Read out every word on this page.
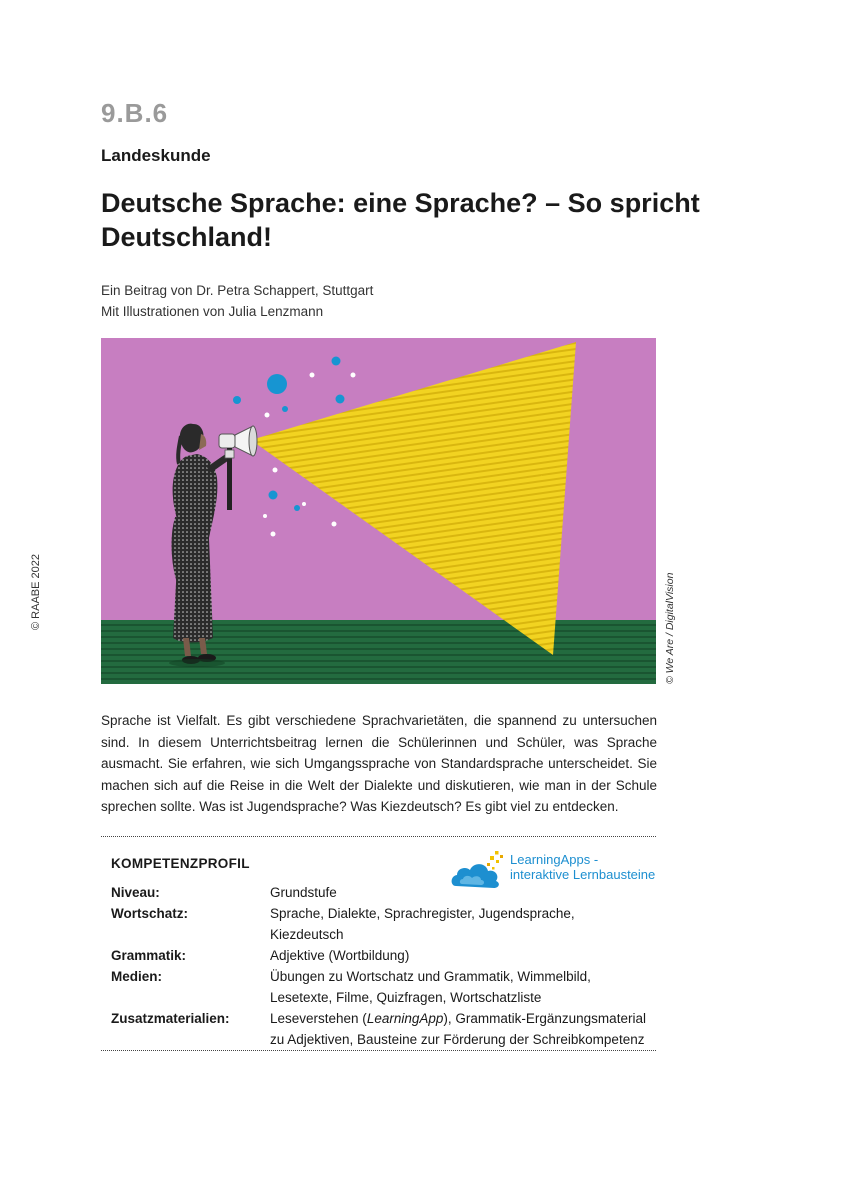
9.B.6
Landeskunde
Deutsche Sprache: eine Sprache? – So spricht Deutschland!
Ein Beitrag von Dr. Petra Schappert, Stuttgart
Mit Illustrationen von Julia Lenzmann
© RAABE 2022	© We Are / DigitalVision

Sprache ist Vielfalt. Es gibt verschiedene Sprachvarietäten, die spannend zu untersuchen sind. In diesem Unterrichtsbeitrag lernen die Schülerinnen und Schüler, was Sprache ausmacht. Sie erfahren, wie sich Umgangssprache von Standardsprache unterscheidet. Sie machen sich auf die Reise in die Welt der Dialekte und diskutieren, wie man in der Schule sprechen sollte. Was ist Jugendsprache? Was Kiezdeutsch? Es gibt viel zu entdecken.

KOMPETENZPROFIL	LearningApps -
interaktive Lernbausteine
Niveau:	Grundstufe
Wortschatz:	Sprache, Dialekte, Sprachregister, Jugendsprache, Kiezdeutsch
Grammatik:	Adjektive (Wortbildung)
Medien:	Übungen zu Wortschatz und Grammatik, Wimmelbild, Lesetexte, Filme, Quizfragen, Wortschatzliste
Zusatzmaterialien:	Leseverstehen (LearningApp), Grammatik-Ergänzungsmaterial zu Adjektiven, Bausteine zur Förderung der Schreibkompetenz
